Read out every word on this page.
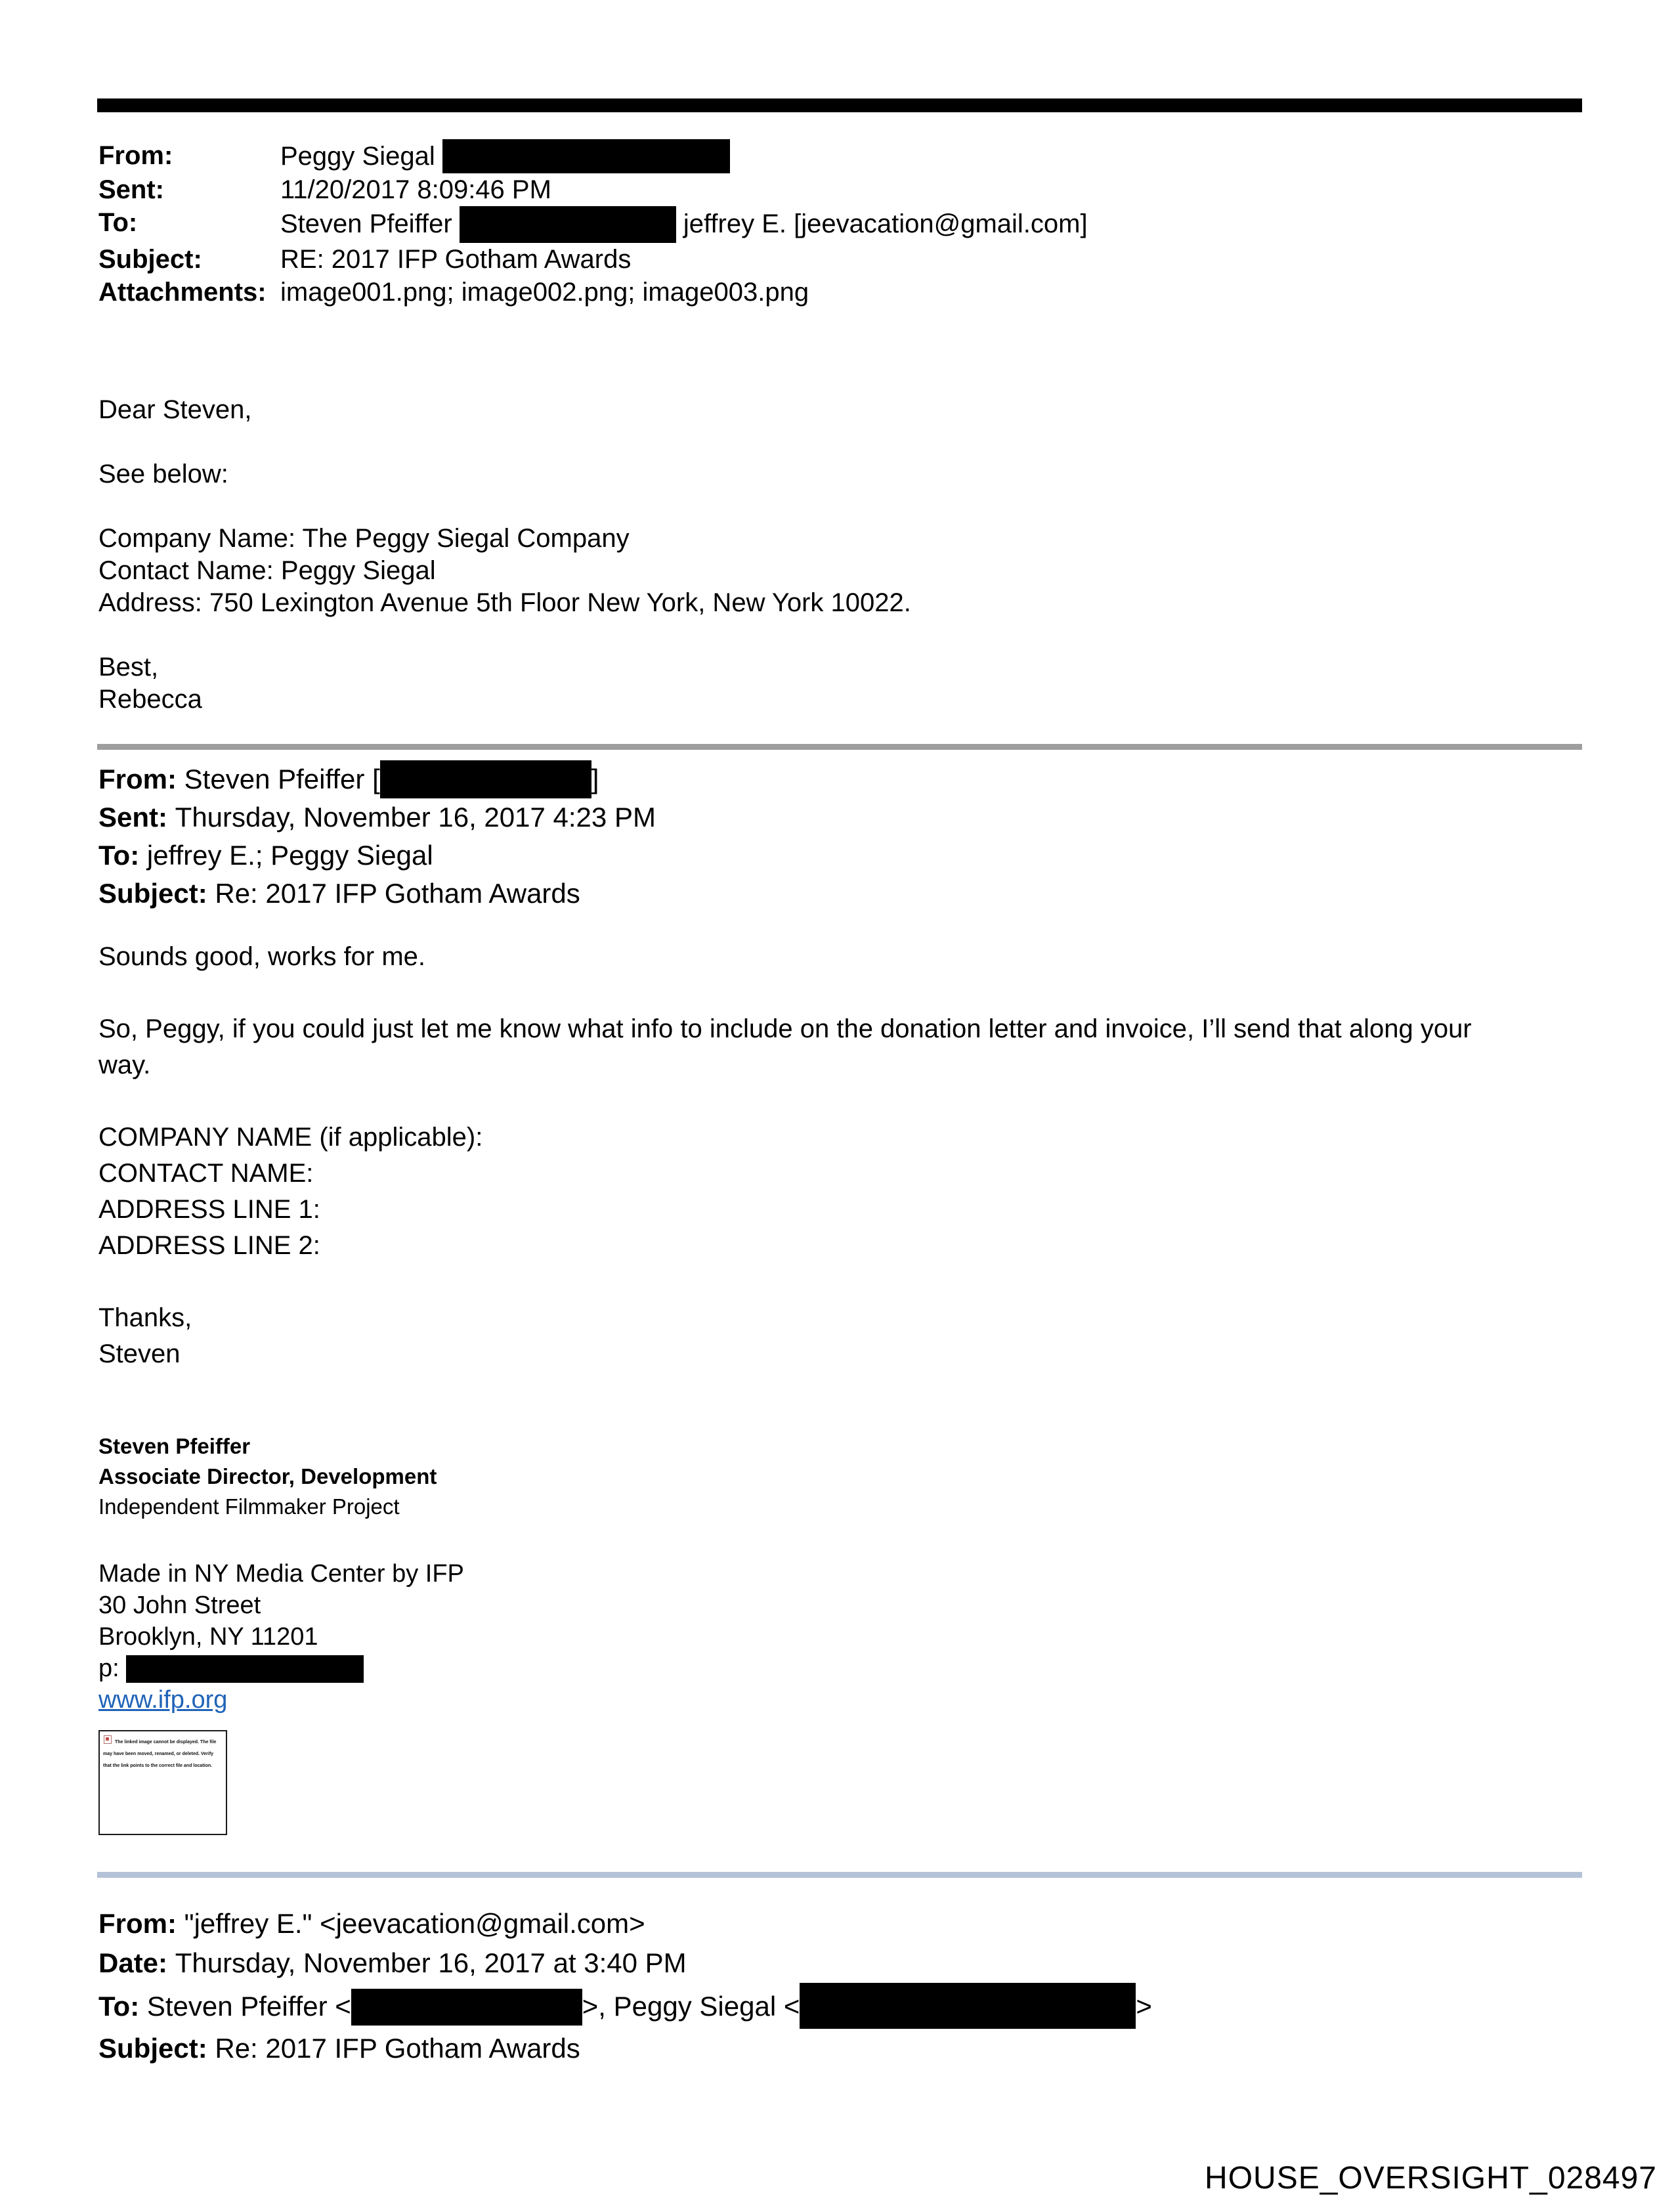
From:	Peggy Siegal
Sent:	11/20/2017 8:09:46 PM
To:	Steven Pfeiffer	jeffrey E. [jeevacation@gmail.com]
Subject:	RE: 2017 IFP Gotham Awards
Attachments: image001.png; image002.png; image003.png
Dear Steven,
See below:
Company Name: The Peggy Siegal Company
Contact Name: Peggy Siegal
Address: 750 Lexington Avenue 5th Floor New York, New York 10022.
Best,
Rebecca
From: Steven Pfeiffer [	]
Sent: Thursday, November 16, 2017 4:23 PM
To: jeffrey E.; Peggy Siegal
Subject: Re: 2017 IFP Gotham Awards
Sounds good, works for me.
So, Peggy, if you could just let me know what info to include on the donation letter and invoice, I’ll send that along your
way.
COMPANY NAME (if applicable):
CONTACT NAME:
ADDRESS LINE 1:
ADDRESS LINE 2:
Thanks,
Steven
Steven Pfeiffer
Associate Director, Development
Independent Filmmaker Project
Made in NY Media Center by IFP
30 John Street
Brooklyn, NY 11201
p:
www.ifp.org
The linked image cannot be displayed. The file may have been moved, renamed, or deleted. Verify that the link points to the correct file and location.
From: "jeffrey E." <jeevacation@gmail.com>
Date: Thursday, November 16, 2017 at 3:40 PM
To: Steven Pfeiffer <	>, Peggy Siegal <	>
Subject: Re: 2017 IFP Gotham Awards
HOUSE_OVERSIGHT_028497
